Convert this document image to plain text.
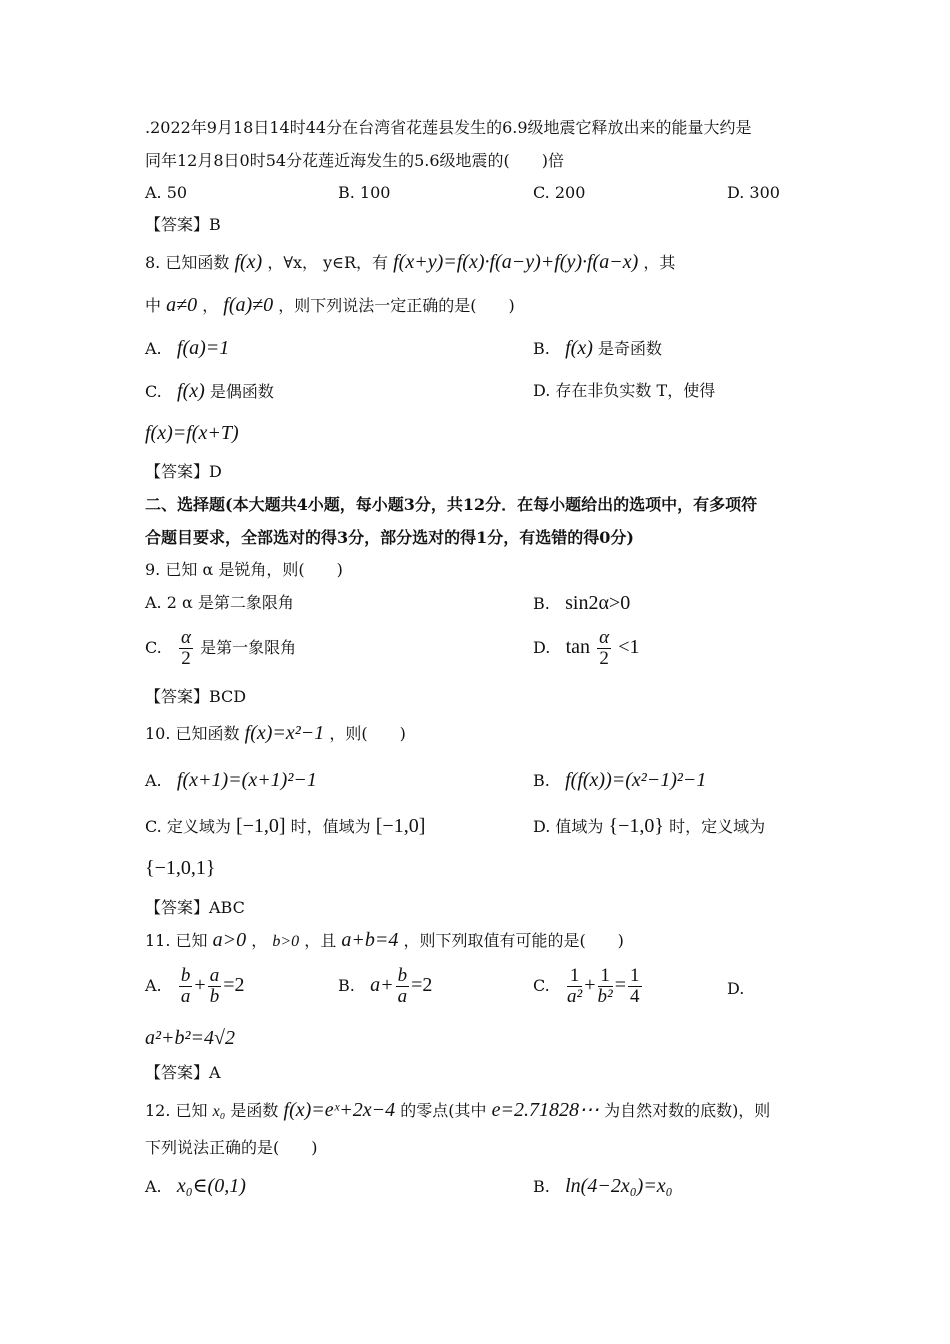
.2022年9月18日14时44分在台湾省花莲县发生的6.9级地震它释放出来的能量大约是
同年12月8日0时54分花莲近海发生的5.6级地震的(　　)倍
A. 50	B. 100	C. 200	D. 300
【答案】B
8. 已知函数 f(x) ，∀x， y∈R，有 f(x+y)=f(x)·f(a−y)+f(y)·f(a−x) ，其
中 a≠0 ， f(a)≠0 ，则下列说法一定正确的是(　　)
A. f(a)=1	B. f(x) 是奇函数
C. f(x) 是偶函数	D. 存在非负实数 T，使得
f(x)=f(x+T)
【答案】D
二、选择题(本大题共4小题，每小题3分，共12分．在每小题给出的选项中，有多项符
合题目要求，全部选对的得3分，部分选对的得1分，有选错的得0分)
9. 已知 α 是锐角，则(　　)
A. 2 α 是第二象限角	B. sin2α>0
C. $\frac{\alpha}{2}$ 是第一象限角	D. $\tan \frac{\alpha}{2} <1$
【答案】BCD
10. 已知函数 f(x)=x²−1 ，则(　　)
A. f(x+1)=(x+1)²−1	B. f(f(x))=(x²−1)²−1
C. 定义域为 [−1,0] 时，值域为 [−1,0]	D. 值域为 {−1,0} 时，定义域为
{−1,0,1}
【答案】ABC
11. 已知 a>0 ， b>0 ，且 a+b=4 ，则下列取值有可能的是(　　)
A. $\frac{b}{a} + \frac{a}{b} =2$	B. $a+ \frac{b}{a} =2$	C. $\frac{1}{\text{a²}} + \frac{1}{\text{b²}} = \frac{1}{4}$	D.
a²+b²=4√2
【答案】A
12. 已知 x₀ 是函数 f(x)=eˣ+2x−4 的零点(其中 e=2.71828⋯ 为自然对数的底数)，则
下列说法正确的是(　　)
A. x₀∈(0,1)	B. ln(4−2x₀)=x₀
